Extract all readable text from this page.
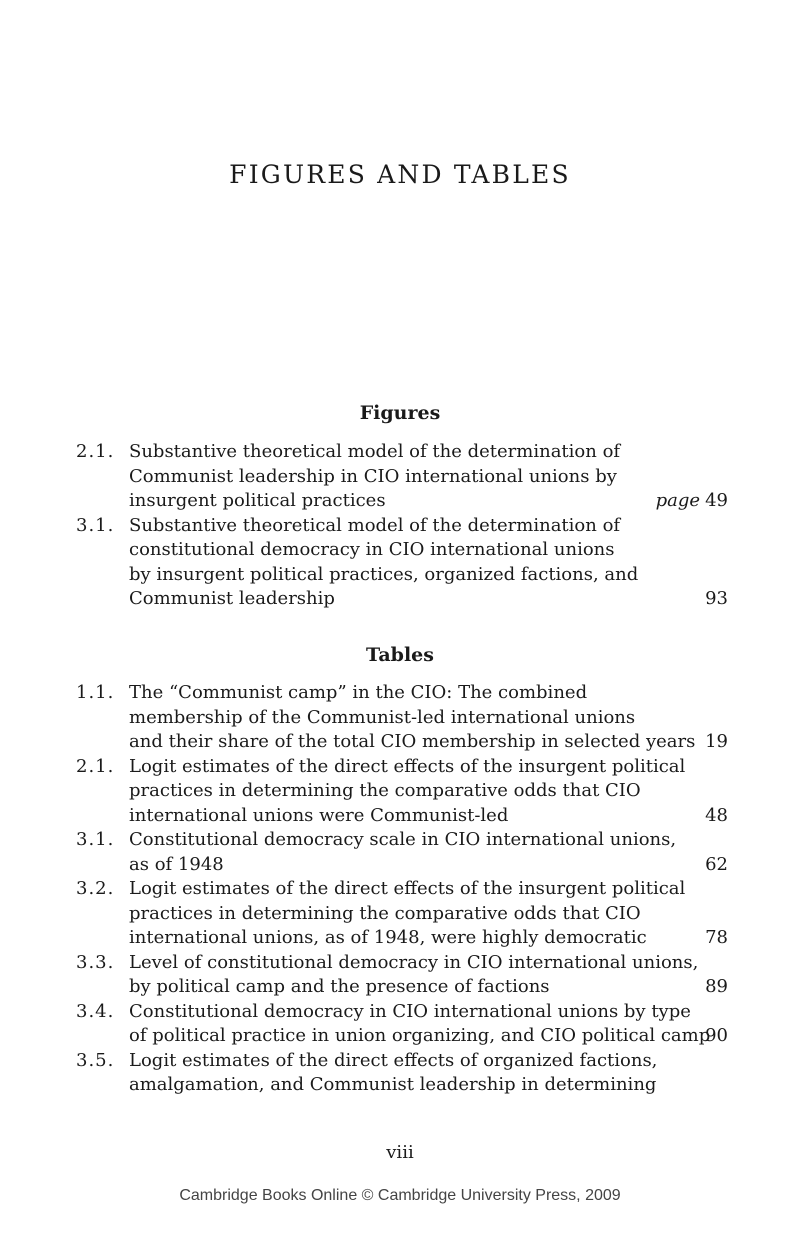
FIGURES AND TABLES
Figures
2.1. Substantive theoretical model of the determination of
Communist leadership in CIO international unions by
insurgent political practices	page 49
3.1. Substantive theoretical model of the determination of
constitutional democracy in CIO international unions
by insurgent political practices, organized factions, and
Communist leadership	93
Tables
1.1. The “Communist camp” in the CIO: The combined
membership of the Communist-led international unions
and their share of the total CIO membership in selected years 19
2.1. Logit estimates of the direct effects of the insurgent political
practices in determining the comparative odds that CIO
international unions were Communist-led	48
3.1. Constitutional democracy scale in CIO international unions,
as of 1948	62
3.2. Logit estimates of the direct effects of the insurgent political
practices in determining the comparative odds that CIO
international unions, as of 1948, were highly democratic	78
3.3. Level of constitutional democracy in CIO international unions,
by political camp and the presence of factions	89
3.4. Constitutional democracy in CIO international unions by type
of political practice in union organizing, and CIO political camp
90
3.5. Logit estimates of the direct effects of organized factions,
amalgamation, and Communist leadership in determining

viii

Cambridge Books Online © Cambridge University Press, 2009
